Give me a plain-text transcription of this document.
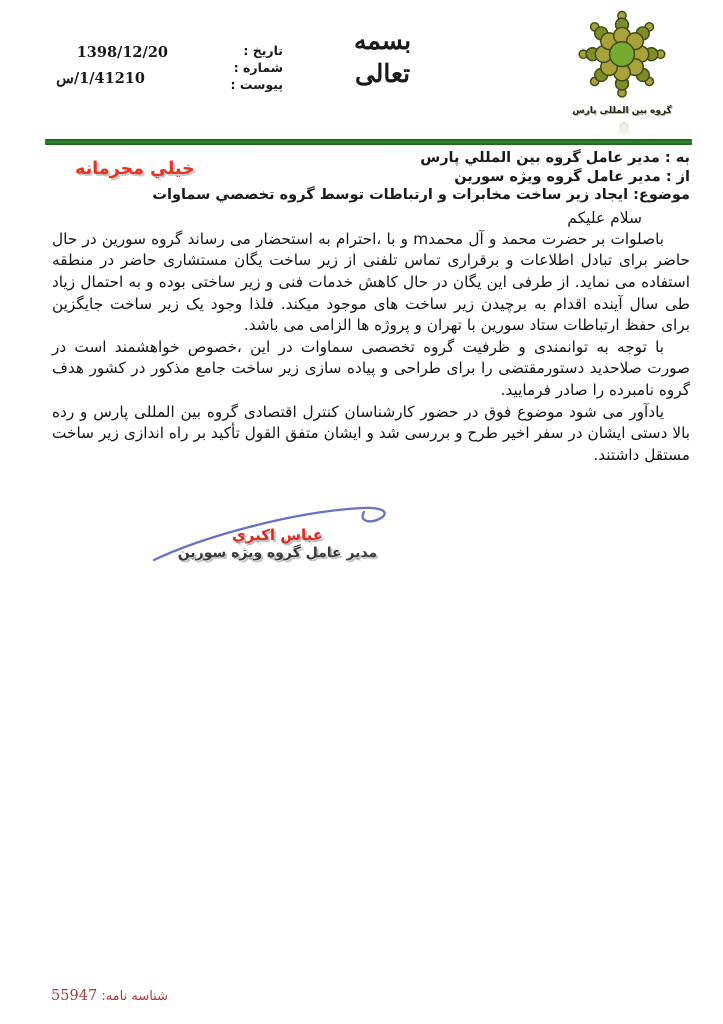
تاریخ :
شماره :
پیوست :
1398/12/20
1/41210/س
بسمه
تعالی
گروه بین المللی پارس
خیلي محرمانه
به : مدیر عامل گروه بین المللي پارس
از : مدیر عامل گروه ویژه سورین
موضوع: ایجاد زیر ساخت مخابرات و ارتباطات توسط گروه تخصصي سماوات
سلام علیکم

باصلوات بر حضرت محمد و آل محمدm و با ،احترام به استحضار می رساند گروه سورین در حال حاضر برای تبادل اطلاعات و برقراری تماس تلفنی از زیر ساخت یگان مستشاری حاضر در منطقه استفاده می نماید. از طرفی این یگان در حال کاهش خدمات فنی و زیر ساختی بوده و به احتمال زیاد طی سال آینده اقدام به برچیدن زیر ساخت های موجود میکند. فلذا وجود یک زیر ساخت جایگزین برای حفظ ارتباطات ستاد سورین با تهران و پروژه ها الزامی می باشد.

با توجه به توانمندی و ظرفیت گروه تخصصی سماوات در این ،خصوص خواهشمند است در صورت صلاحدید دستورمقتضی را برای طراحی و پیاده سازی زیر ساخت جامع مذکور در کشور هدف گروه نامبرده را صادر فرمایید.

یادآور می شود موضوع فوق در حضور کارشناسان کنترل اقتصادی گروه بین المللی پارس و رده بالا دستی ایشان در سفر اخیر طرح و بررسی شد و ایشان متفق القول تأکید بر راه اندازی زیر ساخت مستقل داشتند.

عباس اکبري
مدیر عامل گروه ویژه سورین
شناسه نامه: 55947
